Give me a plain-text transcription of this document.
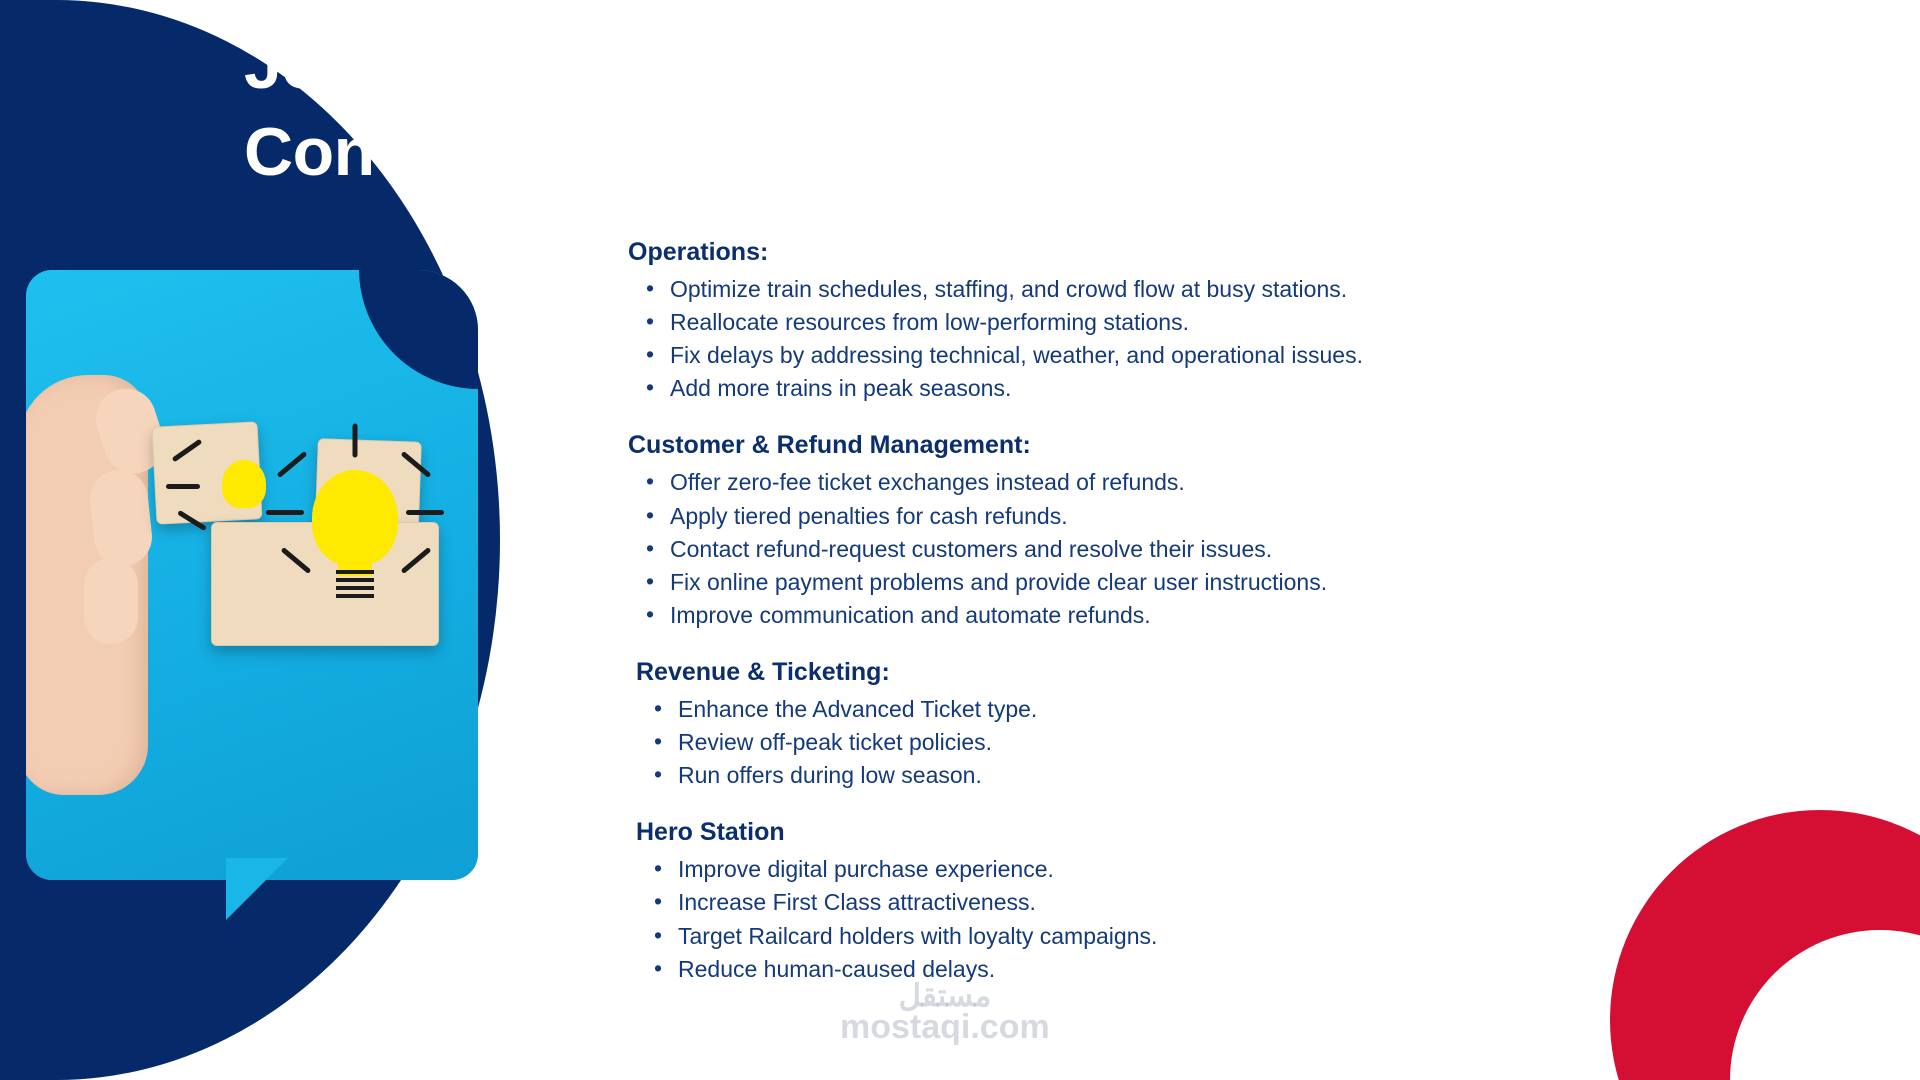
Journey
Conclusion
Operations:
• Optimize train schedules, staffing, and crowd flow at busy stations.
• Reallocate resources from low-performing stations.
• Fix delays by addressing technical, weather, and operational issues.
• Add more trains in peak seasons.
Customer & Refund Management:
• Offer zero-fee ticket exchanges instead of refunds.
• Apply tiered penalties for cash refunds.
• Contact refund-request customers and resolve their issues.
• Fix online payment problems and provide clear user instructions.
• Improve communication and automate refunds.
Revenue & Ticketing:
• Enhance the Advanced Ticket type.
• Review off-peak ticket policies.
• Run offers during low season.
Hero Station
• Improve digital purchase experience.
• Increase First Class attractiveness.
• Target Railcard holders with loyalty campaigns.
• Reduce human-caused delays.
مستقل
mostaqi.com
